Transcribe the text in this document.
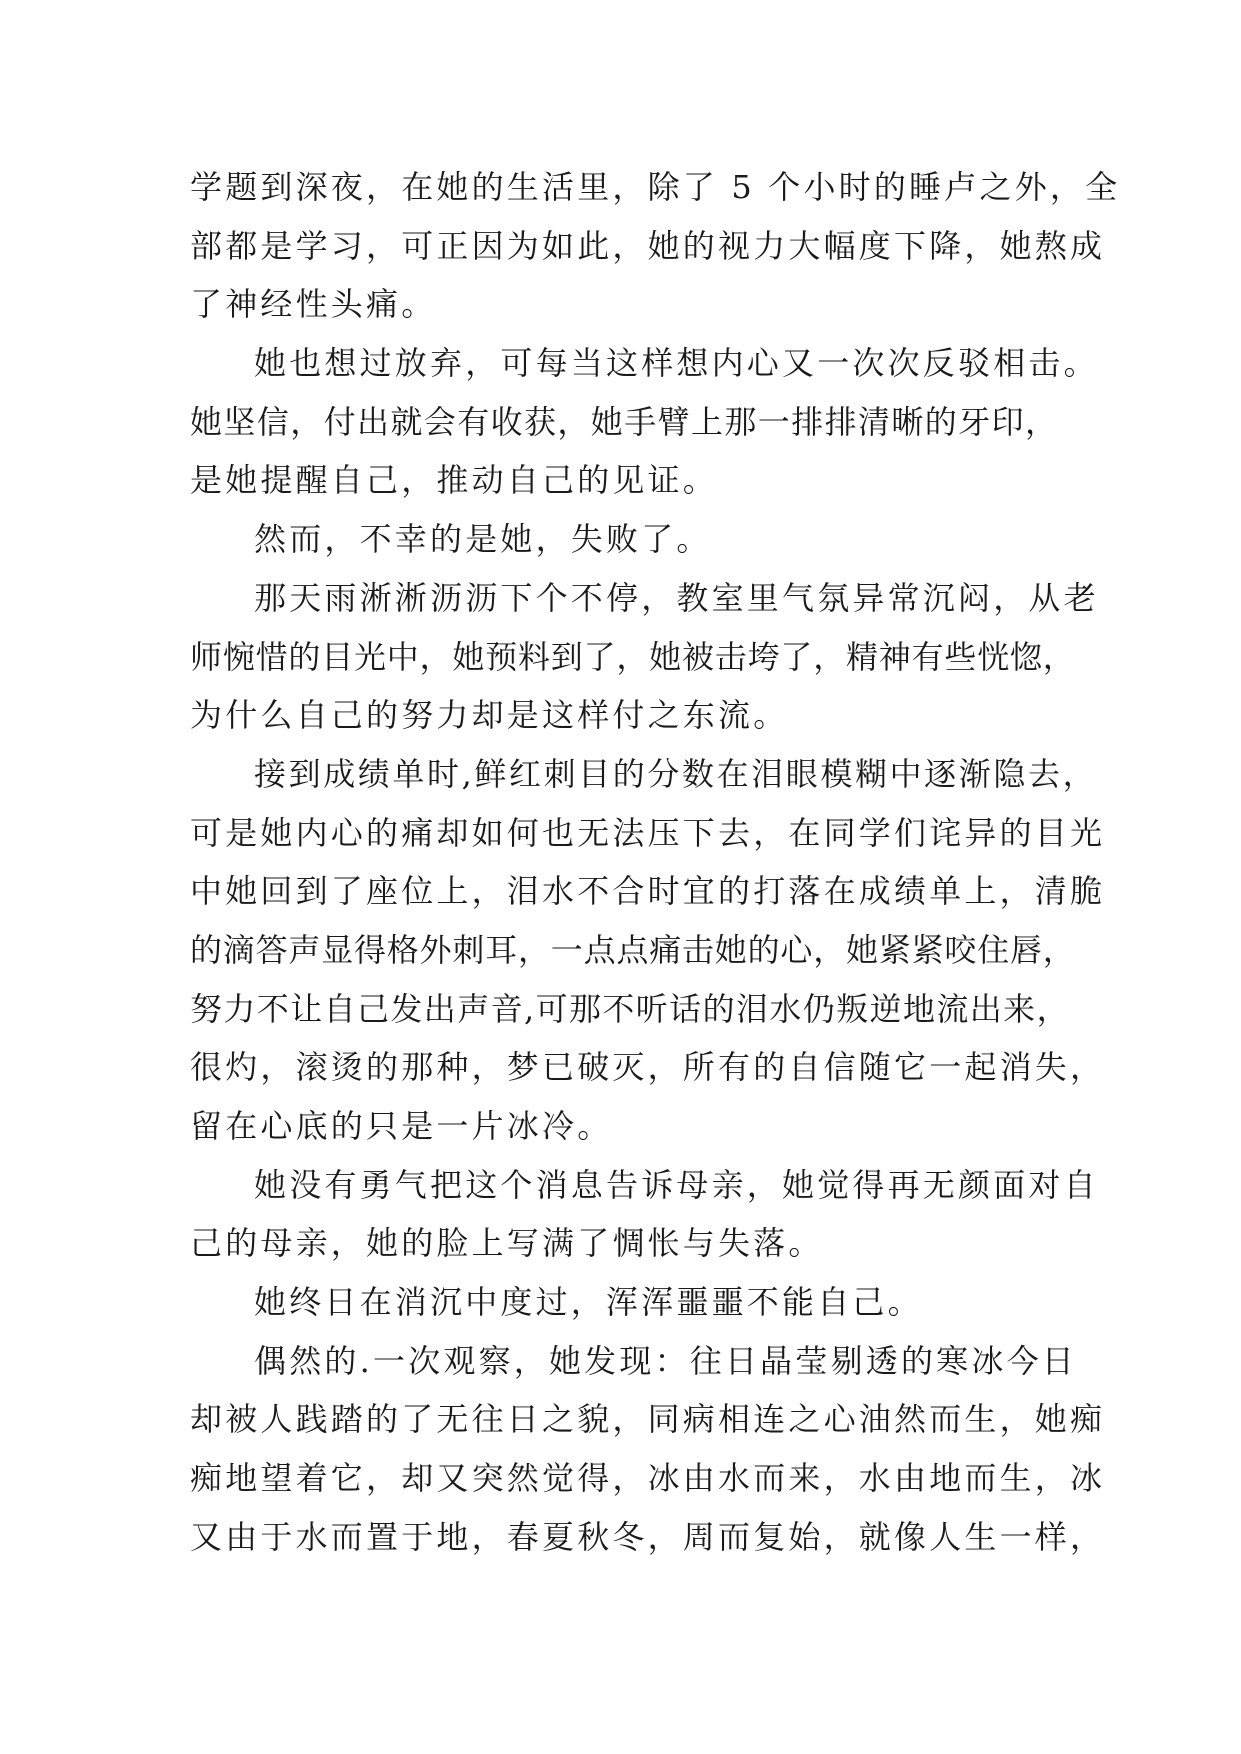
学题到深夜，在她的生活里，除了 5 个小时的睡卢之外，全
部都是学习，可正因为如此，她的视力大幅度下降，她熬成
了神经性头痛。
她也想过放弃，可每当这样想内心又一次次反驳相击。
她坚信，付出就会有收获，她手臂上那一排排清晰的牙印，
是她提醒自己，推动自己的见证。
然而，不幸的是她，失败了。
那天雨淅淅沥沥下个不停，教室里气氛异常沉闷，从老
师惋惜的目光中，她预料到了，她被击垮了，精神有些恍惚，
为什么自己的努力却是这样付之东流。
接到成绩单时,鲜红刺目的分数在泪眼模糊中逐渐隐去，
可是她内心的痛却如何也无法压下去，在同学们诧异的目光
中她回到了座位上，泪水不合时宜的打落在成绩单上，清脆
的滴答声显得格外刺耳，一点点痛击她的心，她紧紧咬住唇，
努力不让自己发出声音,可那不听话的泪水仍叛逆地流出来，
很灼，滚烫的那种，梦已破灭，所有的自信随它一起消失，
留在心底的只是一片冰冷。
她没有勇气把这个消息告诉母亲，她觉得再无颜面对自
己的母亲，她的脸上写满了惆怅与失落。
她终日在消沉中度过，浑浑噩噩不能自己。
偶然的.一次观察，她发现：往日晶莹剔透的寒冰今日
却被人践踏的了无往日之貌，同病相连之心油然而生，她痴
痴地望着它，却又突然觉得，冰由水而来，水由地而生，冰
又由于水而置于地，春夏秋冬，周而复始，就像人生一样，
